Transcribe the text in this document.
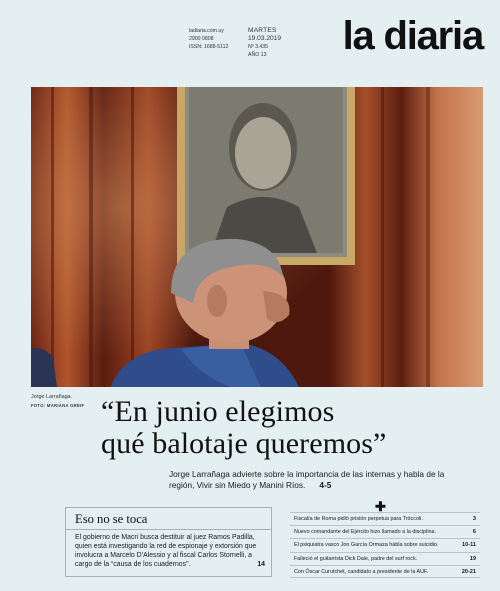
ladiaria.com.uy
2900 0808
ISSN: 1688-5112
MARTES
19.03.2019
Nº 3.435
AÑO 13	la diaria
Jorge Larrañaga.
FOTO: MARIANA GREIF “En junio elegimos
qué balotaje queremos”
Jorge Larrañaga advierte sobre la importancia de las internas y habla de la región, Vivir sin Miedo y Manini Ríos. 4-5
Eso no se toca
El gobierno de Macri busca destituir al juez Ramos Padilla, quien está investigando la red de espionaje y extorsión que involucra a Marcelo D’Alessio y al fiscal Carlos Stornelli, a cargo de la “causa de los cuadernos”.	14
✚
Fiscalía de Roma pidió prisión perpetua para Tróccoli.	3
Nuevo comandante del Ejército hizo llamado a la disciplina.	6
El psiquiatra vasco Jon García Ormaza habla sobre suicidio.	10-11
Falleció el guitarrista Dick Dale, padre del surf rock.	19
Con Óscar Curutchet, candidato a presidente de la AUF.	20-21
